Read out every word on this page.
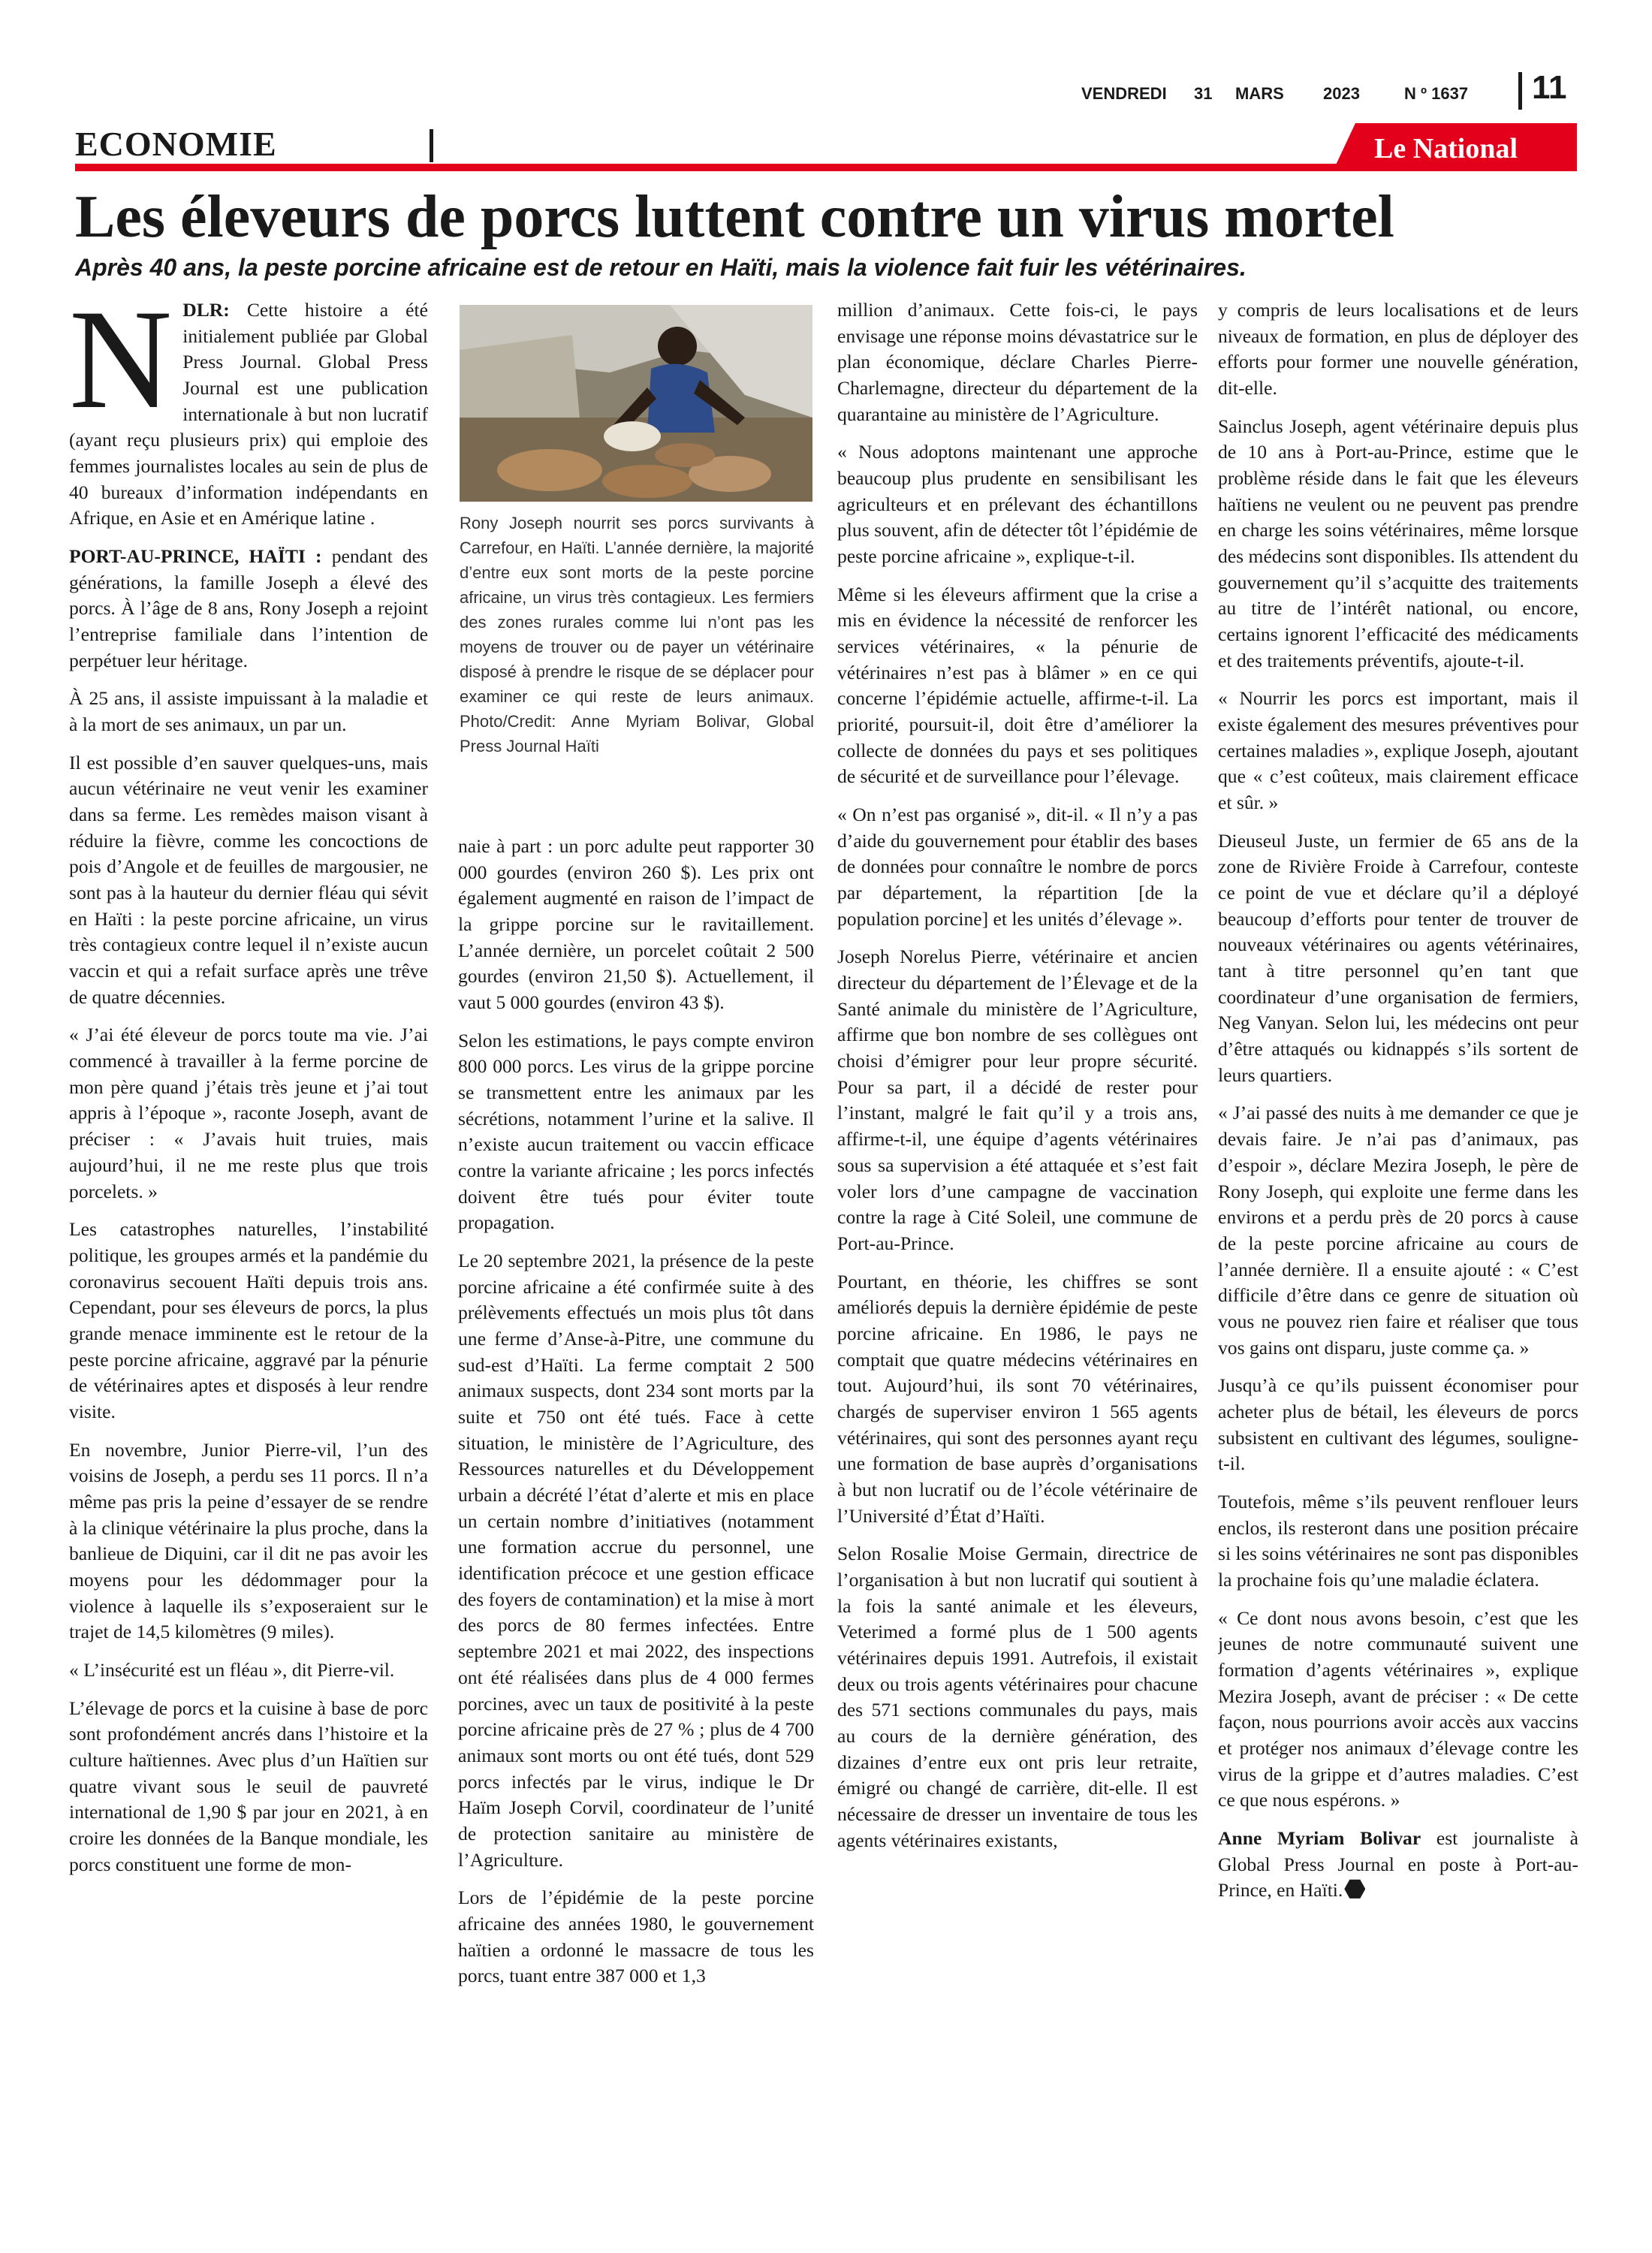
VENDREDI 31 MARS 2023	N º 1637 11
ECONOMIE	Le National
Les éleveurs de porcs luttent contre un virus mortel
Après 40 ans, la peste porcine africaine est de retour en Haïti, mais la violence fait fuir les vétérinaires.

NDLR: Cette histoire a été initialement publiée par Global Press Journal. Global Press Journal est une publication internationale à but non lucratif (ayant reçu plusieurs prix) qui emploie des femmes journalistes locales au sein de plus de 40 bureaux d’information indépendants en Afrique, en Asie et en Amérique latine .

PORT-AU-PRINCE, HAÏTI : pendant des générations, la famille Joseph a élevé des porcs. À l’âge de 8 ans, Rony Joseph a rejoint l’entreprise familiale dans l’intention de perpétuer leur héritage.

À 25 ans, il assiste impuissant à la maladie et à la mort de ses animaux, un par un.

Il est possible d’en sauver quelques-uns, mais aucun vétérinaire ne veut venir les examiner dans sa ferme. Les remèdes maison visant à réduire la fièvre, comme les concoctions de pois d’Angole et de feuilles de margousier, ne sont pas à la hauteur du dernier fléau qui sévit en Haïti : la peste porcine africaine, un virus très contagieux contre lequel il n’existe aucun vaccin et qui a refait surface après une trêve de quatre décennies.

« J’ai été éleveur de porcs toute ma vie. J’ai commencé à travailler à la ferme porcine de mon père quand j’étais très jeune et j’ai tout appris à l’époque », raconte Joseph, avant de préciser : « J’avais huit truies, mais aujourd’hui, il ne me reste plus que trois porcelets. »

Les catastrophes naturelles, l’instabilité politique, les groupes armés et la pandémie du coronavirus secouent Haïti depuis trois ans. Cependant, pour ses éleveurs de porcs, la plus grande menace imminente est le retour de la peste porcine africaine, aggravé par la pénurie de vétérinaires aptes et disposés à leur rendre visite.

En novembre, Junior Pierre-vil, l’un des voisins de Joseph, a perdu ses 11 porcs. Il n’a même pas pris la peine d’essayer de se rendre à la clinique vétérinaire la plus proche, dans la banlieue de Diquini, car il dit ne pas avoir les moyens pour les dédommager pour la violence à laquelle ils s’exposeraient sur le trajet de 14,5 kilomètres (9 miles).

« L’insécurité est un fléau », dit Pierre-vil.

L’élevage de porcs et la cuisine à base de porc sont profondément ancrés dans l’histoire et la culture haïtiennes. Avec plus d’un Haïtien sur quatre vivant sous le seuil de pauvreté international de 1,90 $ par jour en 2021, à en croire les données de la Banque mondiale, les porcs constituent une forme de mon-

Rony Joseph nourrit ses porcs survivants à Carrefour, en Haïti. L’année dernière, la majorité d’entre eux sont morts de la peste porcine africaine, un virus très contagieux. Les fermiers des zones rurales comme lui n’ont pas les moyens de trouver ou de payer un vétérinaire disposé à prendre le risque de se déplacer pour examiner ce qui reste de leurs animaux. Photo/Credit: Anne Myriam Bolivar, Global Press Journal Haïti

naie à part : un porc adulte peut rapporter 30 000 gourdes (environ 260 $). Les prix ont également augmenté en raison de l’impact de la grippe porcine sur le ravitaillement. L’année dernière, un porcelet coûtait 2 500 gourdes (environ 21,50 $). Actuellement, il vaut 5 000 gourdes (environ 43 $).

Selon les estimations, le pays compte environ 800 000 porcs. Les virus de la grippe porcine se transmettent entre les animaux par les sécrétions, notamment l’urine et la salive. Il n’existe aucun traitement ou vaccin efficace contre la variante africaine ; les porcs infectés doivent être tués pour éviter toute propagation.

Le 20 septembre 2021, la présence de la peste porcine africaine a été confirmée suite à des prélèvements effectués un mois plus tôt dans une ferme d’Anse-à-Pitre, une commune du sud-est d’Haïti. La ferme comptait 2 500 animaux suspects, dont 234 sont morts par la suite et 750 ont été tués. Face à cette situation, le ministère de l’Agriculture, des Ressources naturelles et du Développement urbain a décrété l’état d’alerte et mis en place un certain nombre d’initiatives (notamment une formation accrue du personnel, une identification précoce et une gestion efficace des foyers de contamination) et la mise à mort des porcs de 80 fermes infectées. Entre septembre 2021 et mai 2022, des inspections ont été réalisées dans plus de 4 000 fermes porcines, avec un taux de positivité à la peste porcine africaine près de 27 % ; plus de 4 700 animaux sont morts ou ont été tués, dont 529 porcs infectés par le virus, indique le Dr Haïm Joseph Corvil, coordinateur de l’unité de protection sanitaire au ministère de l’Agriculture.

Lors de l’épidémie de la peste porcine africaine des années 1980, le gouvernement haïtien a ordonné le massacre de tous les porcs, tuant entre 387 000 et 1,3

million d’animaux. Cette fois-ci, le pays envisage une réponse moins dévastatrice sur le plan économique, déclare Charles Pierre-Charlemagne, directeur du département de la quarantaine au ministère de l’Agriculture.

« Nous adoptons maintenant une approche beaucoup plus prudente en sensibilisant les agriculteurs et en prélevant des échantillons plus souvent, afin de détecter tôt l’épidémie de peste porcine africaine », explique-t-il.

Même si les éleveurs affirment que la crise a mis en évidence la nécessité de renforcer les services vétérinaires, « la pénurie de vétérinaires n’est pas à blâmer » en ce qui concerne l’épidémie actuelle, affirme-t-il. La priorité, poursuit-il, doit être d’améliorer la collecte de données du pays et ses politiques de sécurité et de surveillance pour l’élevage.

« On n’est pas organisé », dit-il. « Il n’y a pas d’aide du gouvernement pour établir des bases de données pour connaître le nombre de porcs par département, la répartition [de la population porcine] et les unités d’élevage ».

Joseph Norelus Pierre, vétérinaire et ancien directeur du département de l’Élevage et de la Santé animale du ministère de l’Agriculture, affirme que bon nombre de ses collègues ont choisi d’émigrer pour leur propre sécurité. Pour sa part, il a décidé de rester pour l’instant, malgré le fait qu’il y a trois ans, affirme-t-il, une équipe d’agents vétérinaires sous sa supervision a été attaquée et s’est fait voler lors d’une campagne de vaccination contre la rage à Cité Soleil, une commune de Port-au-Prince.

Pourtant, en théorie, les chiffres se sont améliorés depuis la dernière épidémie de peste porcine africaine. En 1986, le pays ne comptait que quatre médecins vétérinaires en tout. Aujourd’hui, ils sont 70 vétérinaires, chargés de superviser environ 1 565 agents vétérinaires, qui sont des personnes ayant reçu une formation de base auprès d’organisations à but non lucratif ou de l’école vétérinaire de l’Université d’État d’Haïti.

Selon Rosalie Moise Germain, directrice de l’organisation à but non lucratif qui soutient à la fois la santé animale et les éleveurs, Veterimed a formé plus de 1 500 agents vétérinaires depuis 1991. Autrefois, il existait deux ou trois agents vétérinaires pour chacune des 571 sections communales du pays, mais au cours de la dernière génération, des dizaines d’entre eux ont pris leur retraite, émigré ou changé de carrière, dit-elle. Il est nécessaire de dresser un inventaire de tous les agents vétérinaires existants,

y compris de leurs localisations et de leurs niveaux de formation, en plus de déployer des efforts pour former une nouvelle génération, dit-elle.

Sainclus Joseph, agent vétérinaire depuis plus de 10 ans à Port-au-Prince, estime que le problème réside dans le fait que les éleveurs haïtiens ne veulent ou ne peuvent pas prendre en charge les soins vétérinaires, même lorsque des médecins sont disponibles. Ils attendent du gouvernement qu’il s’acquitte des traitements au titre de l’intérêt national, ou encore, certains ignorent l’efficacité des médicaments et des traitements préventifs, ajoute-t-il.

« Nourrir les porcs est important, mais il existe également des mesures préventives pour certaines maladies », explique Joseph, ajoutant que « c’est coûteux, mais clairement efficace et sûr. »

Dieuseul Juste, un fermier de 65 ans de la zone de Rivière Froide à Carrefour, conteste ce point de vue et déclare qu’il a déployé beaucoup d’efforts pour tenter de trouver de nouveaux vétérinaires ou agents vétérinaires, tant à titre personnel qu’en tant que coordinateur d’une organisation de fermiers, Neg Vanyan. Selon lui, les médecins ont peur d’être attaqués ou kidnappés s’ils sortent de leurs quartiers.

« J’ai passé des nuits à me demander ce que je devais faire. Je n’ai pas d’animaux, pas d’espoir », déclare Mezira Joseph, le père de Rony Joseph, qui exploite une ferme dans les environs et a perdu près de 20 porcs à cause de la peste porcine africaine au cours de l’année dernière. Il a ensuite ajouté : « C’est difficile d’être dans ce genre de situation où vous ne pouvez rien faire et réaliser que tous vos gains ont disparu, juste comme ça. »

Jusqu’à ce qu’ils puissent économiser pour acheter plus de bétail, les éleveurs de porcs subsistent en cultivant des légumes, souligne-t-il.

Toutefois, même s’ils peuvent renflouer leurs enclos, ils resteront dans une position précaire si les soins vétérinaires ne sont pas disponibles la prochaine fois qu’une maladie éclatera.

« Ce dont nous avons besoin, c’est que les jeunes de notre communauté suivent une formation d’agents vétérinaires », explique Mezira Joseph, avant de préciser : « De cette façon, nous pourrions avoir accès aux vaccins et protéger nos animaux d’élevage contre les virus de la grippe et d’autres maladies. C’est ce que nous espérons. »

Anne Myriam Bolivar est journaliste à Global Press Journal en poste à Port-au-Prince, en Haïti.
